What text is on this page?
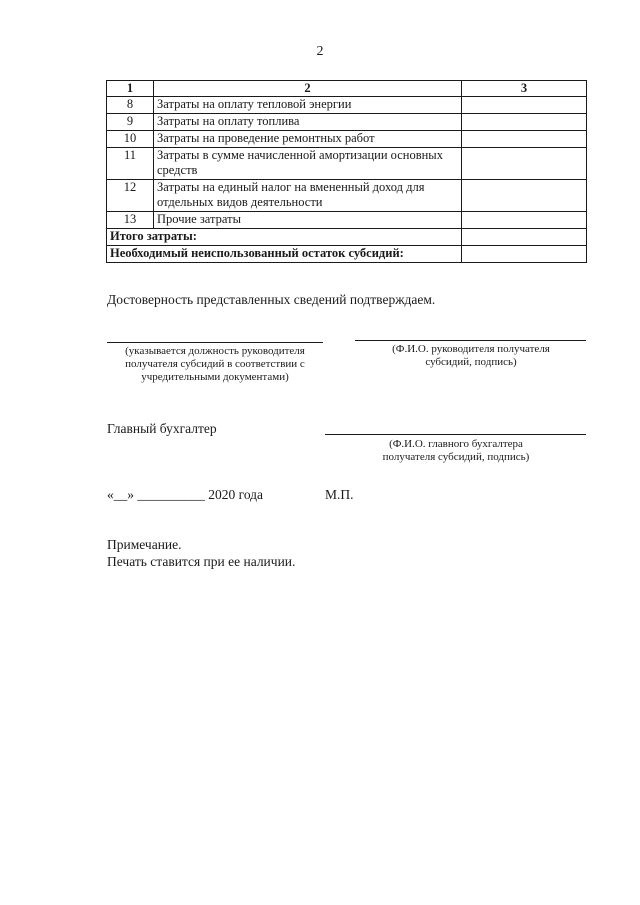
2
1	2	3
8	Затраты на оплату тепловой энергии	
9	Затраты на оплату топлива	
10	Затраты на проведение ремонтных работ	
11	Затраты в сумме начисленной амортизации основных средств	
12	Затраты на единый налог на вмененный доход для отдельных видов деятельности	
13	Прочие затраты	
Итого затраты:		
Необходимый неиспользованный остаток субсидий:		
Достоверность представленных сведений подтверждаем.
(указывается должность руководителя получателя субсидий в соответствии с учредительными документами)
(Ф.И.О. руководителя получателя субсидий, подпись)
Главный бухгалтер
(Ф.И.О. главного бухгалтера получателя субсидий, подпись)
«__» __________ 2020 года	М.П.
Примечание.
Печать ставится при ее наличии.
